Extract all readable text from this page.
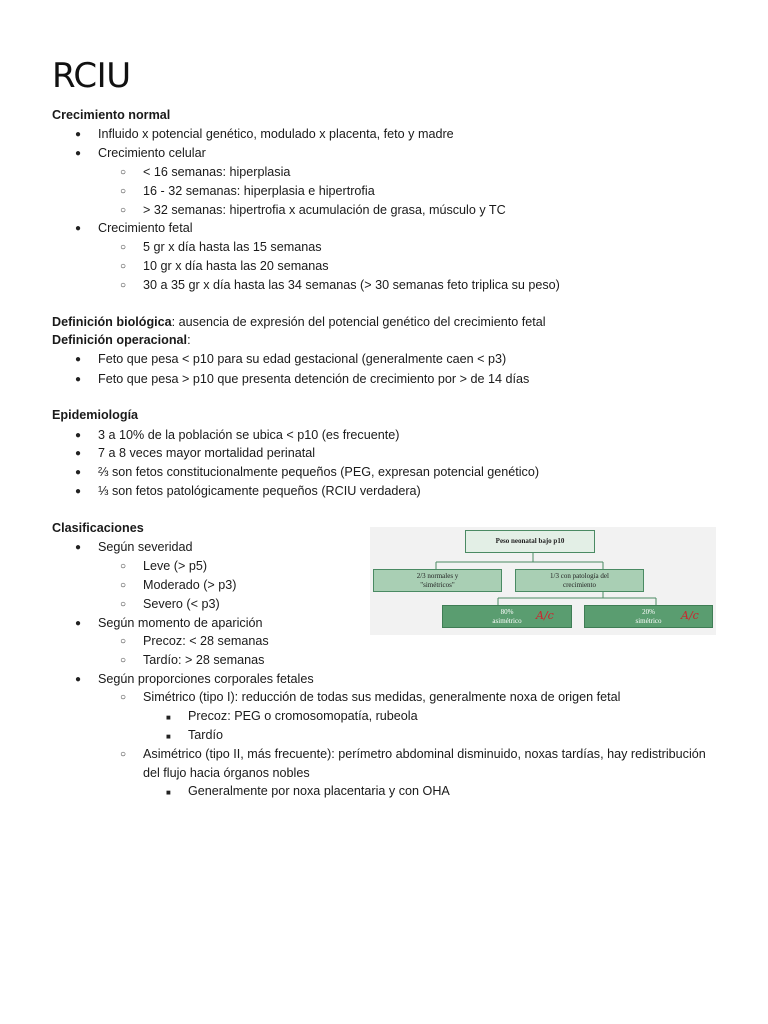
RCIU
Crecimiento normal
●
Influido x potencial genético, modulado x placenta, feto y madre
●
Crecimiento celular
○
< 16 semanas: hiperplasia
○
16 - 32 semanas: hiperplasia e hipertrofia
○
> 32 semanas: hipertrofia x acumulación de grasa, músculo y TC
●
Crecimiento fetal
○
5 gr x día hasta las 15 semanas
○
10 gr x día hasta las 20 semanas
○
30 a 35 gr x día hasta las 34 semanas (> 30 semanas feto triplica su peso)
Definición biológica: ausencia de expresión del potencial genético del crecimiento fetal
Definición operacional:
●
Feto que pesa < p10 para su edad gestacional (generalmente caen < p3)
●
Feto que pesa > p10 que presenta detención de crecimiento por > de 14 días
Epidemiología
●
3 a 10% de la población se ubica < p10 (es frecuente)
●
7 a 8 veces mayor mortalidad perinatal
●
⅔ son fetos constitucionalmente pequeños (PEG, expresan potencial genético)
●
⅓ son fetos patológicamente pequeños (RCIU verdadera)
Clasificaciones
●
Según severidad
○
Leve (> p5)
○
Moderado (> p3)
○
Severo (< p3)
●
Según momento de aparición
○
Precoz: < 28 semanas
○
Tardío: > 28 semanas
●
Según proporciones corporales fetales
○
Simétrico (tipo I): reducción de todas sus medidas, generalmente noxa de origen fetal
■
Precoz: PEG o cromosomopatía, rubeola
■
Tardío
○
Asimétrico (tipo II, más frecuente): perímetro abdominal disminuido, noxas tardías, hay redistribución
del flujo hacia órganos nobles
■
Generalmente por noxa placentaria y con OHA
Peso neonatal bajo p10
2/3 normales y
"simétricos"
1/3 con patología del
crecimiento
80%
asimétrico
20%
simétrico
A/c	A/c
